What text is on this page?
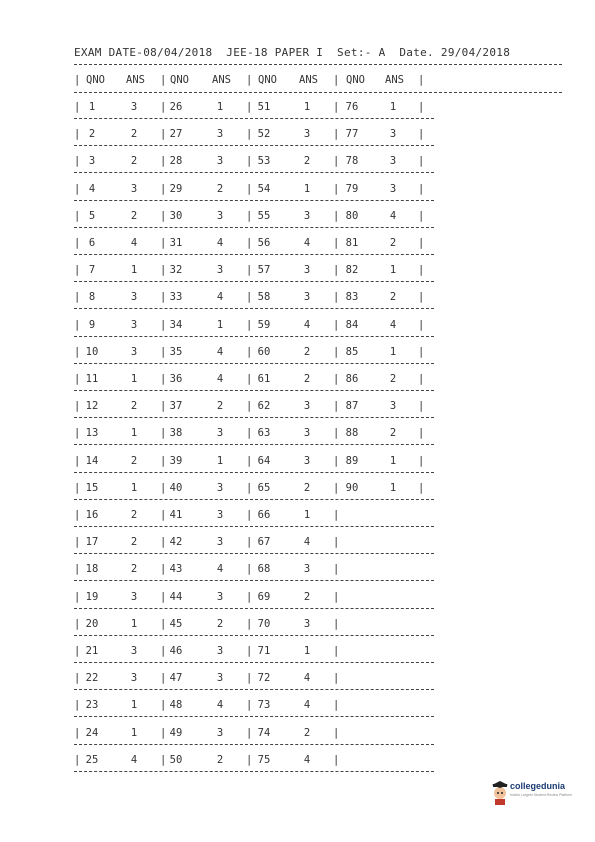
EXAM DATE-08/04/2018  JEE-18 PAPER I  Set:- A  Date. 29/04/2018
collegedunia
India's Largest Student Review Platform
| QNO ANS | QNO ANS | QNO ANS | QNO ANS |
| 1	3 | 26	1 | 51	1 | 76	1 |
| 2	2 | 27	3 | 52	3 | 77	3 |
| 3	2 | 28	3 | 53	2 | 78	3 |
| 4	3 | 29	2 | 54	1 | 79	3 |
| 5	2 | 30	3 | 55	3 | 80	4 |
| 6	4 | 31	4 | 56	4 | 81	2 |
| 7	1 | 32	3 | 57	3 | 82	1 |
| 8	3 | 33	4 | 58	3 | 83	2 |
| 9	3 | 34	1 | 59	4 | 84	4 |
| 10	3 | 35	4 | 60	2 | 85	1 |
| 11	1 | 36	4 | 61	2 | 86	2 |
| 12	2 | 37	2 | 62	3 | 87	3 |
| 13	1 | 38	3 | 63	3 | 88	2 |
| 14	2 | 39	1 | 64	3 | 89	1 |
| 15	1 | 40	3 | 65	2 | 90	1 |
| 16	2 | 41	3 | 66	1 |
| 17	2 | 42	3 | 67	4 |
| 18	2 | 43	4 | 68	3 |
| 19	3 | 44	3 | 69	2 |
| 20	1 | 45	2 | 70	3 |
| 21	3 | 46	3 | 71	1 |
| 22	3 | 47	3 | 72	4 |
| 23	1 | 48	4 | 73	4 |
| 24	1 | 49	3 | 74	2 |
| 25	4 | 50	2 | 75	4 |
